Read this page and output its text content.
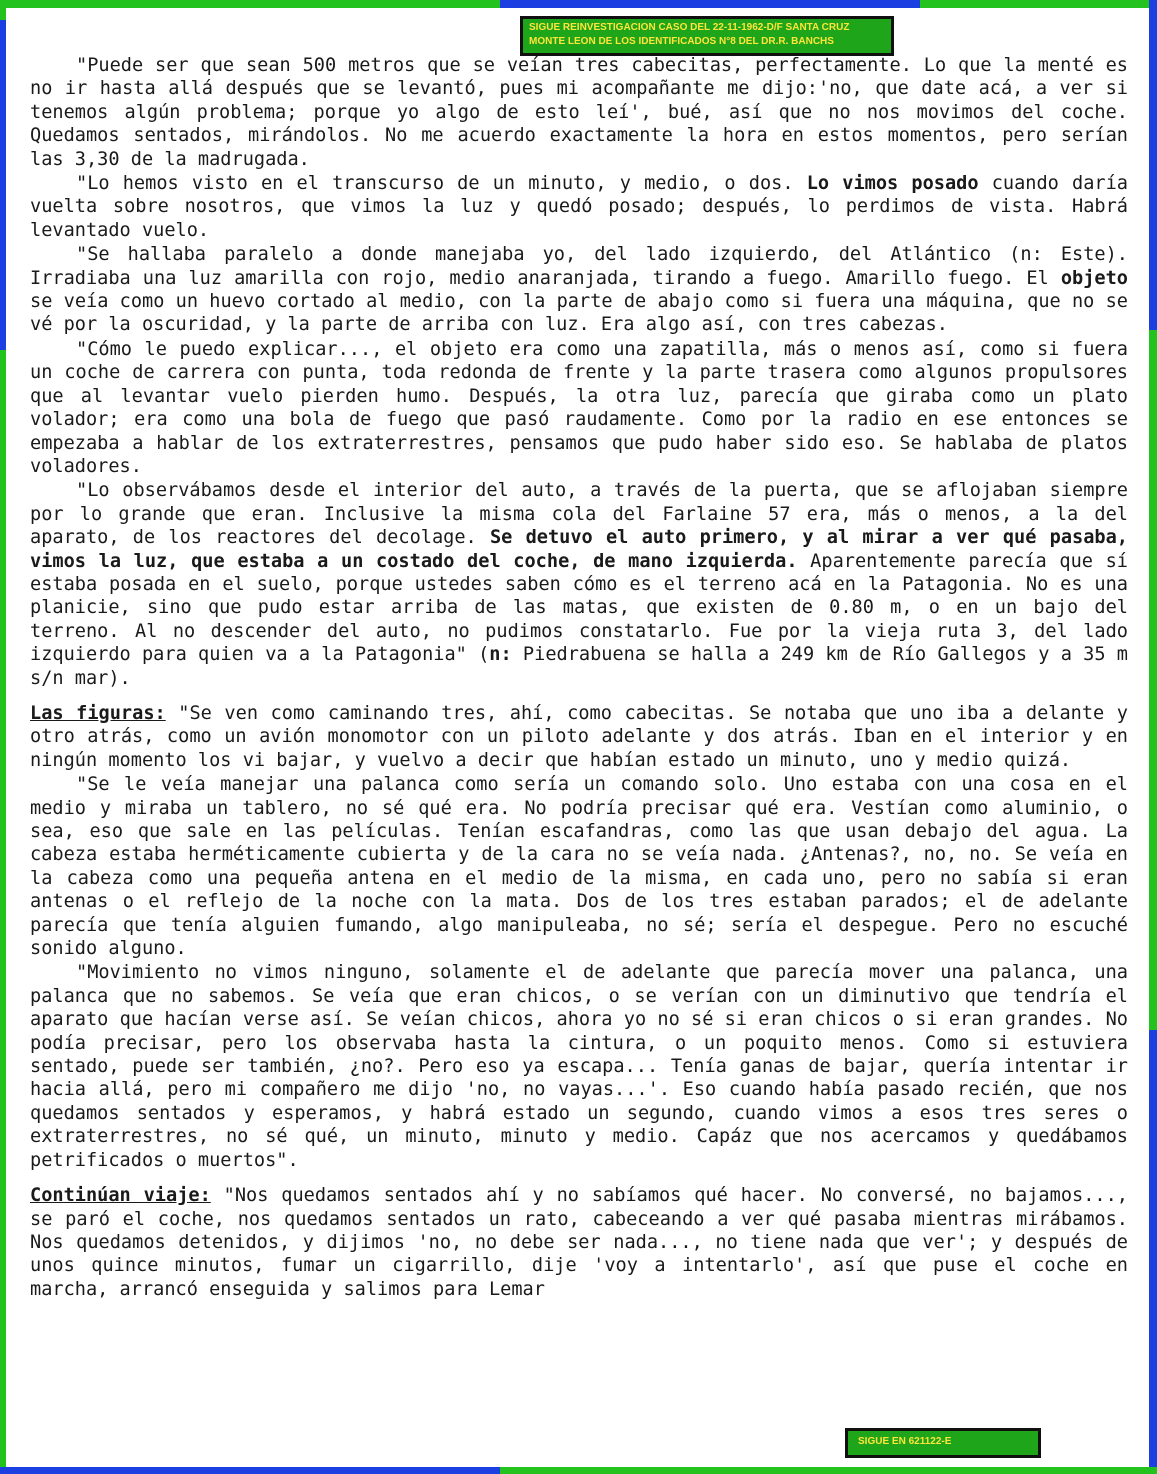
SIGUE REINVESTIGACION CASO DEL 22-11-1962-D/F SANTA CRUZ
MONTE LEON DE LOS IDENTIFICADOS N°8 DEL DR.R. BANCHS

"Puede ser que sean 500 metros que se veían tres cabecitas, perfectamente. Lo que la menté es no ir hasta allá después que se levantó, pues mi acompañante me dijo:'no, que date acá, a ver si tenemos algún problema; porque yo algo de esto leí', bué, así que no nos movimos del coche. Quedamos sentados, mirándolos. No me acuerdo exactamente la hora en estos momentos, pero serían las 3,30 de la madrugada.

"Lo hemos visto en el transcurso de un minuto, y medio, o dos. Lo vimos posado cuando daría vuelta sobre nosotros, que vimos la luz y quedó posado; después, lo perdimos de vista. Habrá levantado vuelo.

"Se hallaba paralelo a donde manejaba yo, del lado izquierdo, del Atlántico (n: Este). Irradiaba una luz amarilla con rojo, medio anaranjada, tirando a fuego. Amarillo fuego. El objeto se veía como un huevo cortado al medio, con la parte de abajo como si fuera una máquina, que no se vé por la oscuridad, y la parte de arriba con luz. Era algo así, con tres cabezas.

"Cómo le puedo explicar..., el objeto era como una zapatilla, más o menos así, como si fuera un coche de carrera con punta, toda redonda de frente y la parte trasera como algunos propulsores que al levantar vuelo pierden humo. Después, la otra luz, parecía que giraba como un plato volador; era como una bola de fuego que pasó raudamente. Como por la radio en ese entonces se empezaba a hablar de los extraterrestres, pensamos que pudo haber sido eso. Se hablaba de platos voladores.

"Lo observábamos desde el interior del auto, a través de la puerta, que se aflojaban siempre por lo grande que eran. Inclusive la misma cola del Farlaine 57 era, más o menos, a la del aparato, de los reactores del decolage. Se detuvo el auto primero, y al mirar a ver qué pasaba, vimos la luz, que estaba a un costado del coche, de mano izquierda. Aparentemente parecía que sí estaba posada en el suelo, porque ustedes saben cómo es el terreno acá en la Patagonia. No es una planicie, sino que pudo estar arriba de las matas, que existen de 0.80 m, o en un bajo del terreno. Al no descender del auto, no pudimos constatarlo. Fue por la vieja ruta 3, del lado izquierdo para quien va a la Patagonia" (n: Piedrabuena se halla a 249 km de Río Gallegos y a 35 m s/n mar).

Las figuras: "Se ven como caminando tres, ahí, como cabecitas. Se notaba que uno iba a delante y otro atrás, como un avión monomotor con un piloto adelante y dos atrás. Iban en el interior y en ningún momento los vi bajar, y vuelvo a decir que habían estado un minuto, uno y medio quizá.

"Se le veía manejar una palanca como sería un comando solo. Uno estaba con una cosa en el medio y miraba un tablero, no sé qué era. No podría precisar qué era. Vestían como aluminio, o sea, eso que sale en las películas. Tenían escafandras, como las que usan debajo del agua. La cabeza estaba herméticamente cubierta y de la cara no se veía nada. ¿Antenas?, no, no. Se veía en la cabeza como una pequeña antena en el medio de la misma, en cada uno, pero no sabía si eran antenas o el reflejo de la noche con la mata. Dos de los tres estaban parados; el de adelante parecía que tenía alguien fumando, algo manipuleaba, no sé; sería el despegue. Pero no escuché sonido alguno.

"Movimiento no vimos ninguno, solamente el de adelante que parecía mover una palanca, una palanca que no sabemos. Se veía que eran chicos, o se verían con un diminutivo que tendría el aparato que hacían verse así. Se veían chicos, ahora yo no sé si eran chicos o si eran grandes. No podía precisar, pero los observaba hasta la cintura, o un poquito menos. Como si estuviera sentado, puede ser también, ¿no?. Pero eso ya escapa... Tenía ganas de bajar, quería intentar ir hacia allá, pero mi compañero me dijo 'no, no vayas...'. Eso cuando había pasado recién, que nos quedamos sentados y esperamos, y habrá estado un segundo, cuando vimos a esos tres seres o extraterrestres, no sé qué, un minuto, minuto y medio. Capáz que nos acercamos y quedábamos petrificados o muertos".

Continúan viaje: "Nos quedamos sentados ahí y no sabíamos qué hacer. No conversé, no bajamos..., se paró el coche, nos quedamos sentados un rato, cabeceando a ver qué pasaba mientras mirábamos. Nos quedamos detenidos, y dijimos 'no, no debe ser nada..., no tiene nada que ver'; y después de unos quince minutos, fumar un cigarrillo, dije 'voy a intentarlo', así que puse el coche en marcha, arrancó enseguida y salimos para Lemar

SIGUE EN 621122-E
